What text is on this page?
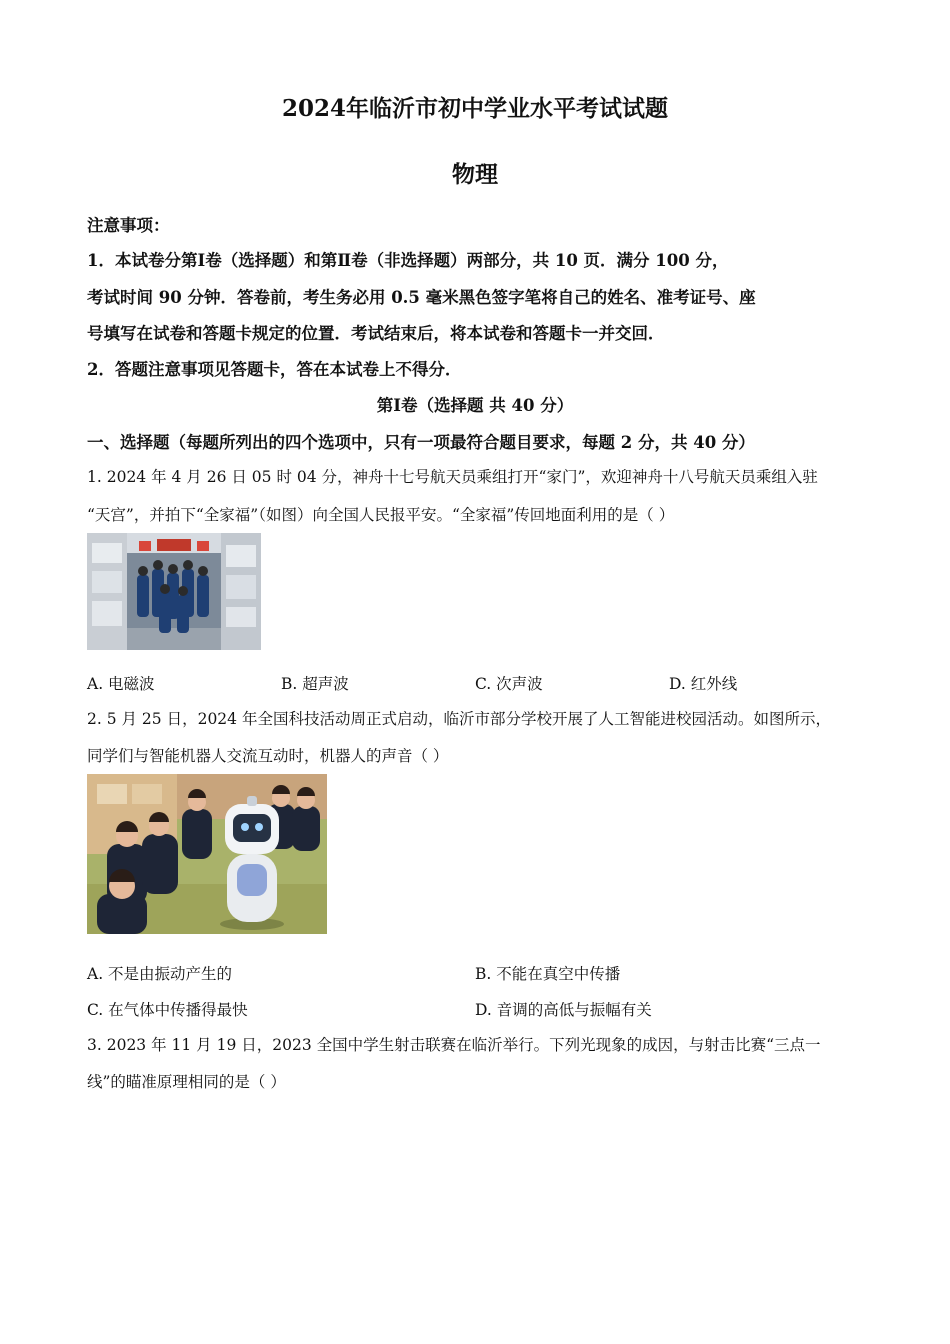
2024年临沂市初中学业水平考试试题
物理
注意事项：
1．本试卷分第Ⅰ卷（选择题）和第Ⅱ卷（非选择题）两部分，共 10 页．满分 100 分，
考试时间 90 分钟．答卷前，考生务必用 0.5 毫米黑色签字笔将自己的姓名、准考证号、座
号填写在试卷和答题卡规定的位置．考试结束后，将本试卷和答题卡一并交回．
2．答题注意事项见答题卡，答在本试卷上不得分．
第Ⅰ卷（选择题 共 40 分）
一、选择题（每题所列出的四个选项中，只有一项最符合题目要求，每题 2 分，共 40 分）
1. 2024 年 4 月 26 日 05 时 04 分，神舟十七号航天员乘组打开“家门”，欢迎神舟十八号航天员乘组入驻
“天宫”，并拍下“全家福”（如图）向全国人民报平安。“全家福”传回地面利用的是（ ）
A. 电磁波	B. 超声波	C. 次声波	D. 红外线
2. 5 月 25 日，2024 年全国科技活动周正式启动，临沂市部分学校开展了人工智能进校园活动。如图所示，
同学们与智能机器人交流互动时，机器人的声音（ ）
A. 不是由振动产生的	B. 不能在真空中传播
C. 在气体中传播得最快	D. 音调的高低与振幅有关
3. 2023 年 11 月 19 日，2023 全国中学生射击联赛在临沂举行。下列光现象的成因，与射击比赛“三点一
线”的瞄准原理相同的是（ ）
